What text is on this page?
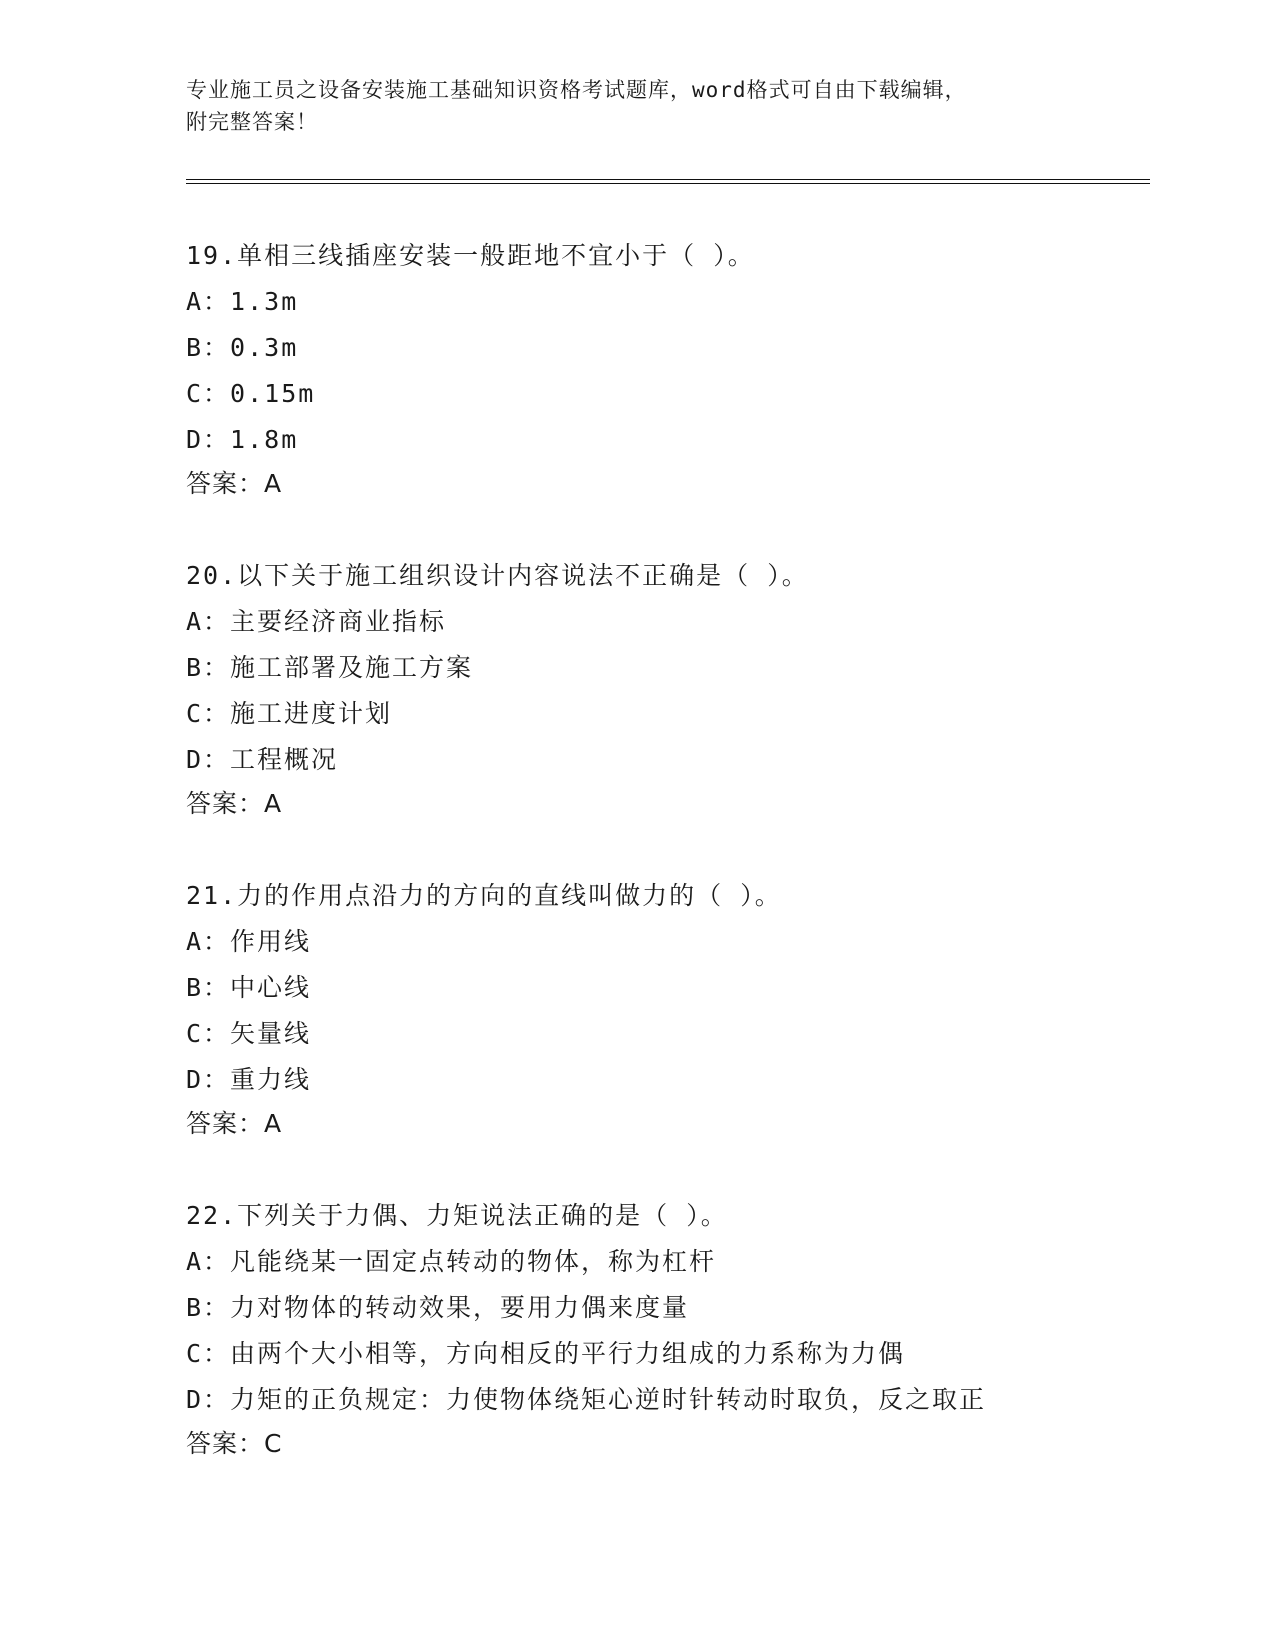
专业施工员之设备安装施工基础知识资格考试题库，word格式可自由下载编辑，
附完整答案！
19.单相三线插座安装一般距地不宜小于（ ）。
A：1.3m
B：0.3m
C：0.15m
D：1.8m
答案：A
20.以下关于施工组织设计内容说法不正确是（ ）。
A：主要经济商业指标
B：施工部署及施工方案
C：施工进度计划
D：工程概况
答案：A
21.力的作用点沿力的方向的直线叫做力的（ ）。
A：作用线
B：中心线
C：矢量线
D：重力线
答案：A
22.下列关于力偶、力矩说法正确的是（ ）。
A：凡能绕某一固定点转动的物体，称为杠杆
B：力对物体的转动效果，要用力偶来度量
C：由两个大小相等，方向相反的平行力组成的力系称为力偶
D：力矩的正负规定：力使物体绕矩心逆时针转动时取负，反之取正
答案：C
